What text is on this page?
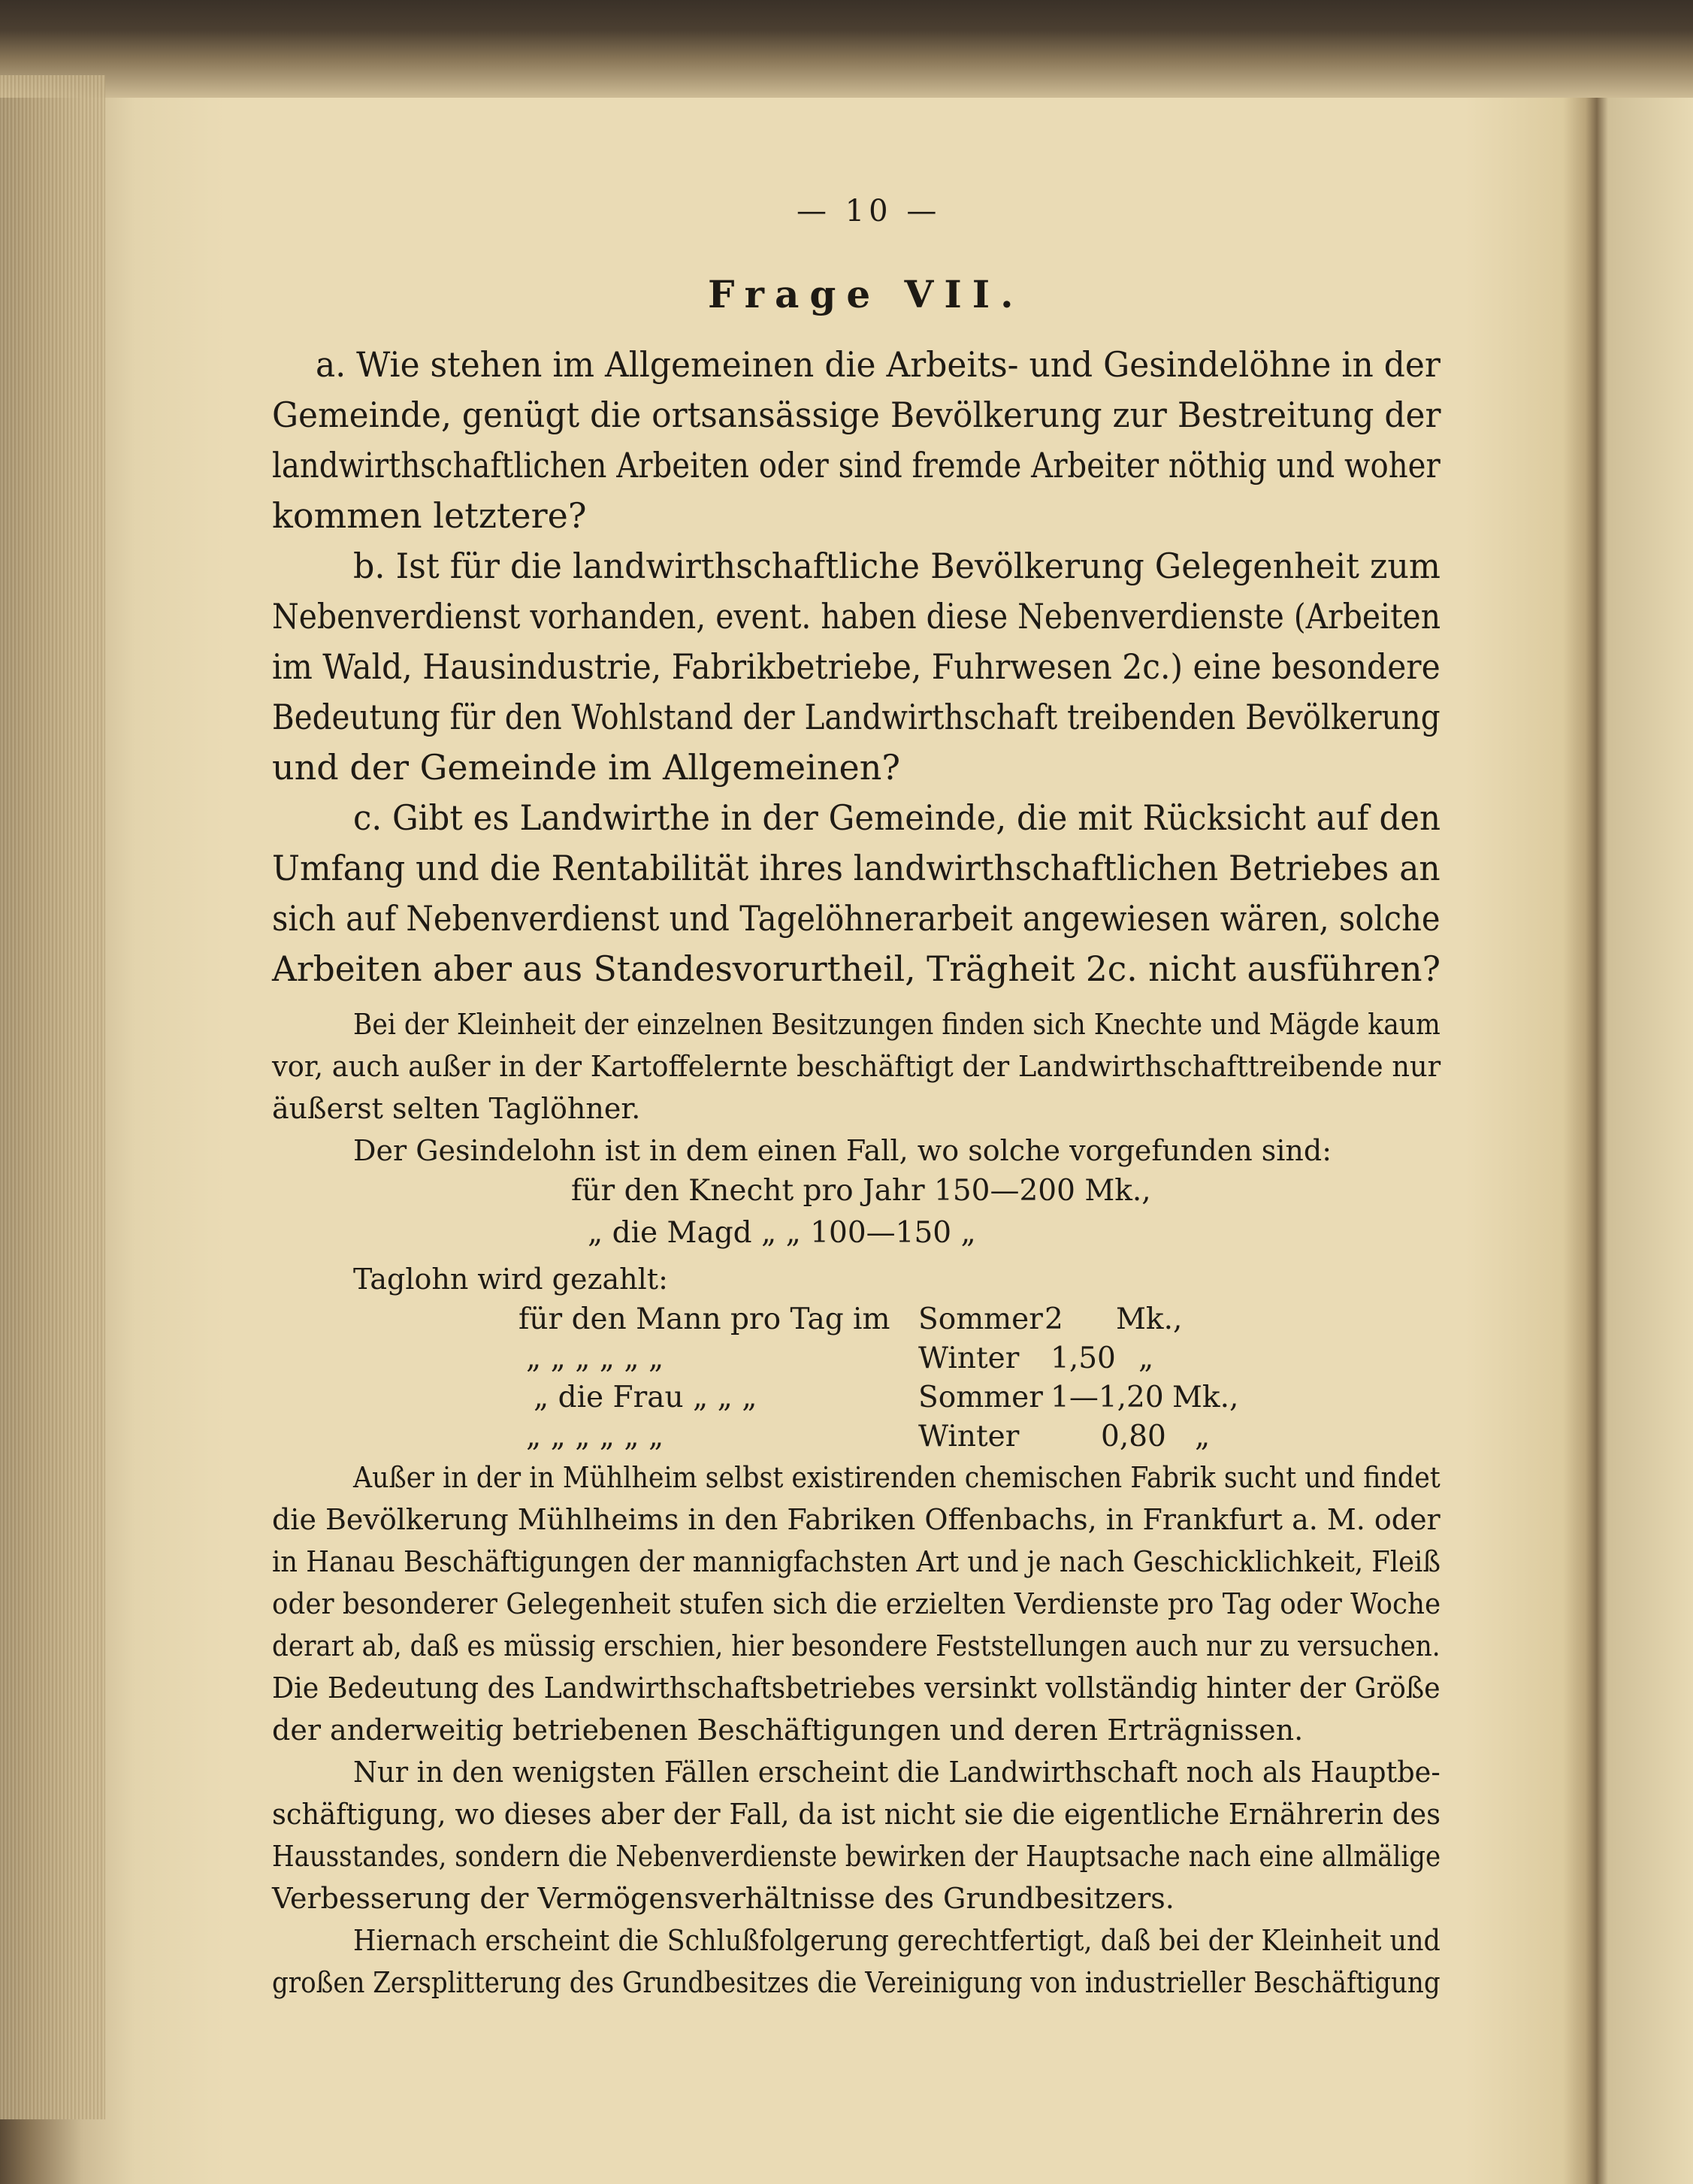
— 10 —
Frage VII.
a. Wie stehen im Allgemeinen die Arbeits- und Gesindelöhne in der
Gemeinde, genügt die ortsansässige Bevölkerung zur Bestreitung der
landwirthschaftlichen Arbeiten oder sind fremde Arbeiter nöthig und woher
kommen letztere?
b. Ist für die landwirthschaftliche Bevölkerung Gelegenheit zum
Nebenverdienst vorhanden, event. haben diese Nebenverdienste (Arbeiten
im Wald, Hausindustrie, Fabrikbetriebe, Fuhrwesen 2c.) eine besondere
Bedeutung für den Wohlstand der Landwirthschaft treibenden Bevölkerung
und der Gemeinde im Allgemeinen?
c. Gibt es Landwirthe in der Gemeinde, die mit Rücksicht auf den
Umfang und die Rentabilität ihres landwirthschaftlichen Betriebes an
sich auf Nebenverdienst und Tagelöhnerarbeit angewiesen wären, solche
Arbeiten aber aus Standesvorurtheil, Trägheit 2c. nicht ausführen?
Bei der Kleinheit der einzelnen Besitzungen finden sich Knechte und Mägde kaum
vor, auch außer in der Kartoffelernte beschäftigt der Landwirthschafttreibende nur
äußerst selten Taglöhner.
Der Gesindelohn ist in dem einen Fall, wo solche vorgefunden sind:
für den Knecht pro Jahr 150—200 Mk.,
„ die Magd „ „ 100—150 „
Taglohn wird gezahlt:
für den Mann pro Tag im Sommer 2 Mk.,
„ „ „ „ „ „	Winter 1,50 „
„ die Frau „ „ „	Sommer 1—1,20 Mk.,
„ „ „ „ „ „	Winter	0,80 „
Außer in der in Mühlheim selbst existirenden chemischen Fabrik sucht und findet
die Bevölkerung Mühlheims in den Fabriken Offenbachs, in Frankfurt a. M. oder
in Hanau Beschäftigungen der mannigfachsten Art und je nach Geschicklichkeit, Fleiß
oder besonderer Gelegenheit stufen sich die erzielten Verdienste pro Tag oder Woche
derart ab, daß es müssig erschien, hier besondere Feststellungen auch nur zu versuchen.
Die Bedeutung des Landwirthschaftsbetriebes versinkt vollständig hinter der Größe
der anderweitig betriebenen Beschäftigungen und deren Erträgnissen.
Nur in den wenigsten Fällen erscheint die Landwirthschaft noch als Hauptbe-
schäftigung, wo dieses aber der Fall, da ist nicht sie die eigentliche Ernährerin des
Hausstandes, sondern die Nebenverdienste bewirken der Hauptsache nach eine allmälige
Verbesserung der Vermögensverhältnisse des Grundbesitzers.
Hiernach erscheint die Schlußfolgerung gerechtfertigt, daß bei der Kleinheit und
großen Zersplitterung des Grundbesitzes die Vereinigung von industrieller Beschäftigung
